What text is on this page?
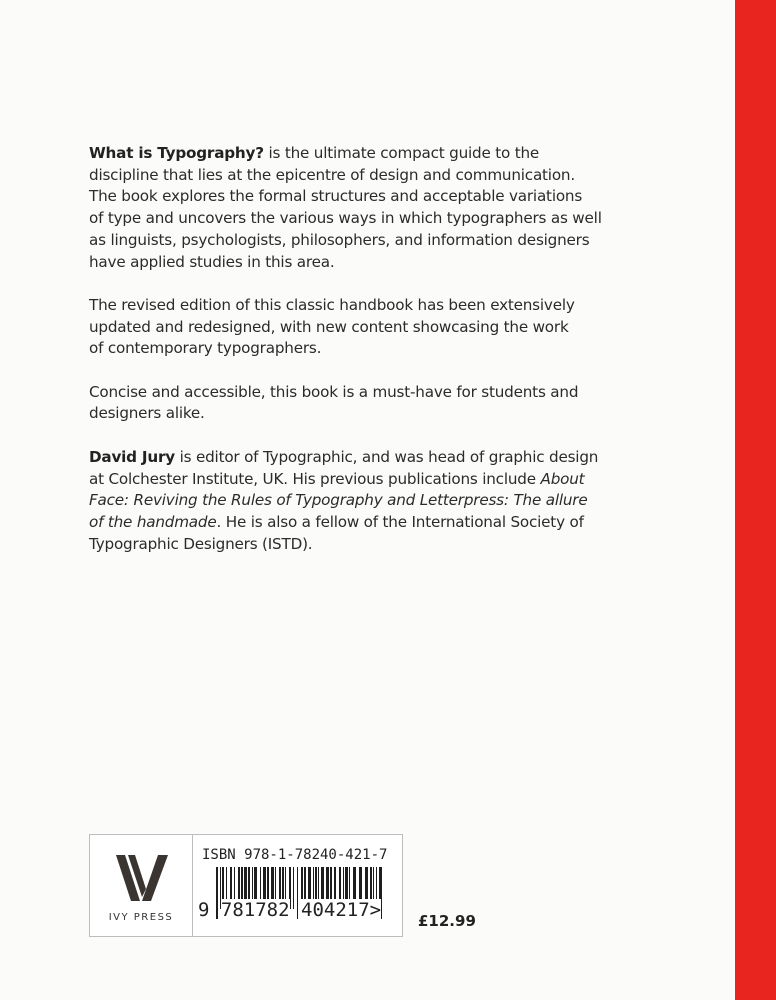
What is Typography? is the ultimate compact guide to the
discipline that lies at the epicentre of design and communication.
The book explores the formal structures and acceptable variations
of type and uncovers the various ways in which typographers as well
as linguists, psychologists, philosophers, and information designers
have applied studies in this area.
The revised edition of this classic handbook has been extensively
updated and redesigned, with new content showcasing the work
of contemporary typographers.
Concise and accessible, this book is a must-have for students and
designers alike.
David Jury is editor of Typographic, and was head of graphic design
at Colchester Institute, UK. His previous publications include About
Face: Reviving the Rules of Typography and Letterpress: The allure
of the handmade. He is also a fellow of the International Society of
Typographic Designers (ISTD).
IVY PRESS
ISBN 978-1-78240-421-7
9 781782 404217> £12.99
